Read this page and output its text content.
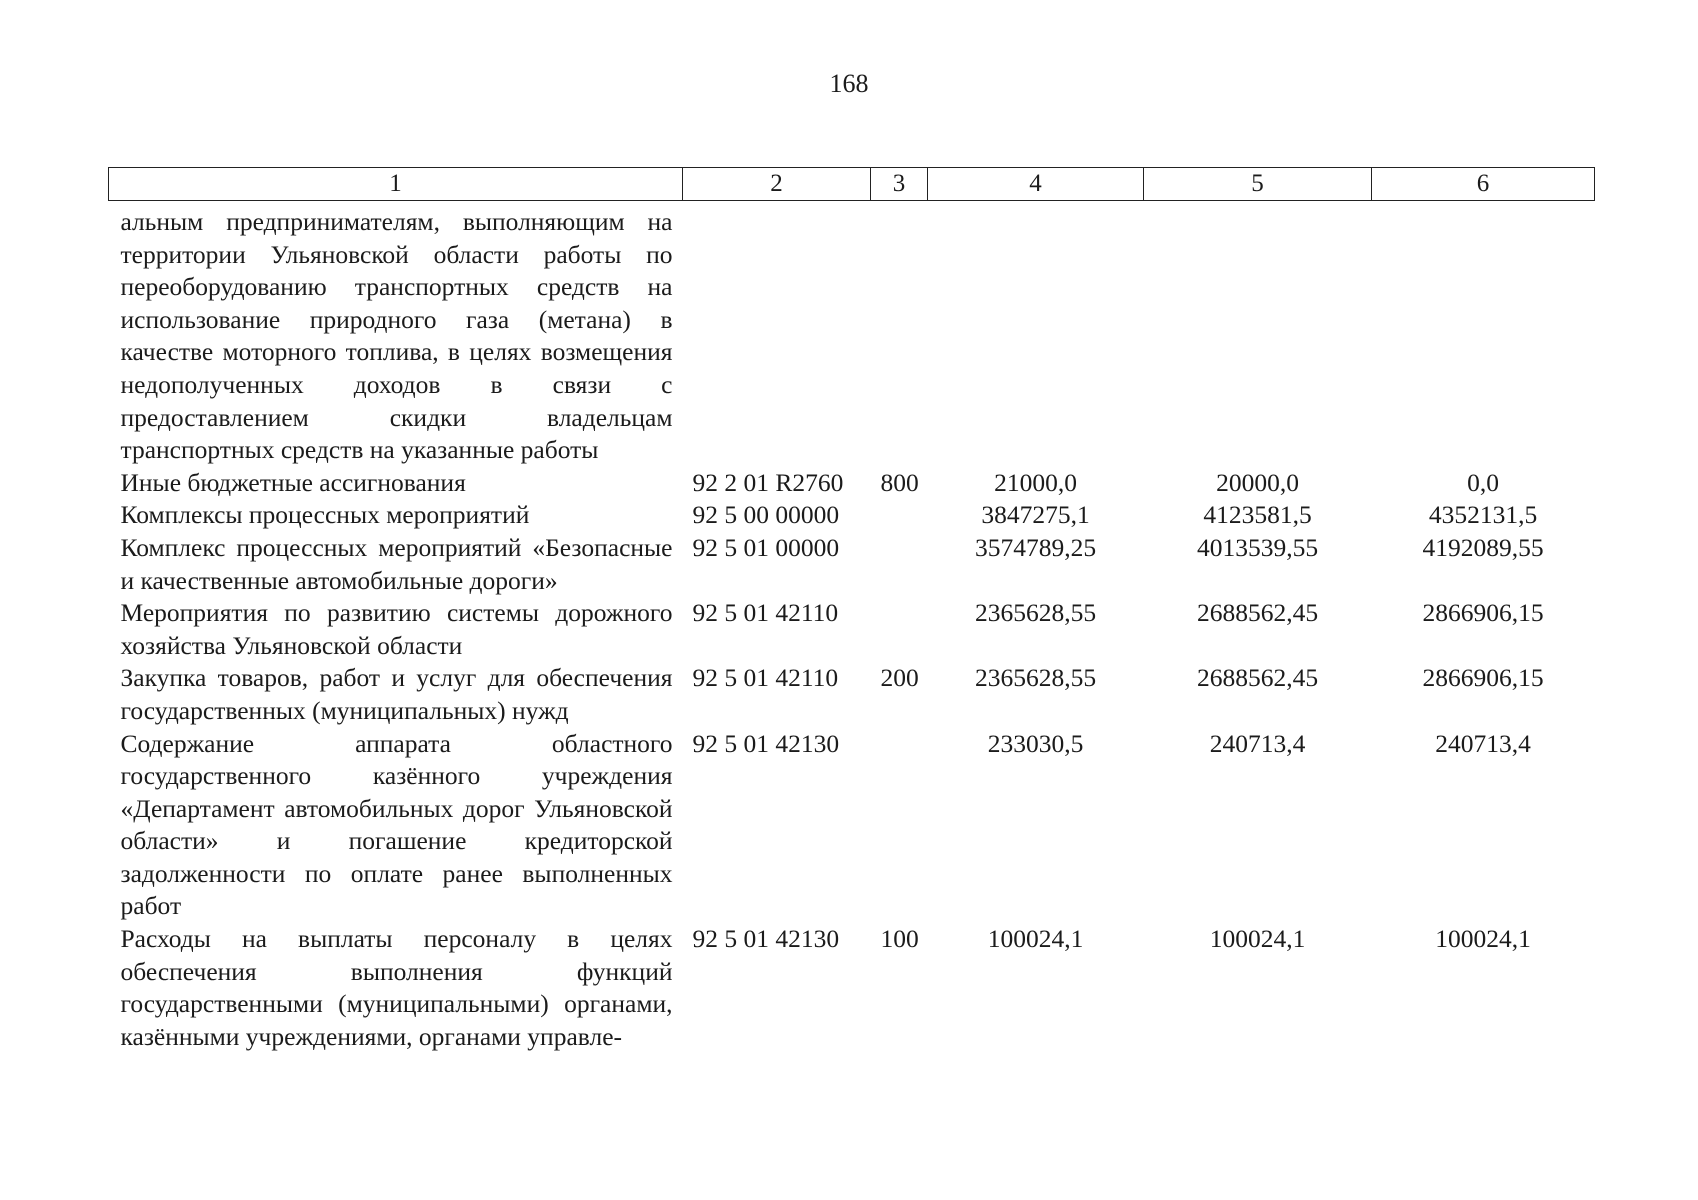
168
1	2	3	4	5	6
альным предпринимателям, выполняющим на территории Ульяновской области работы по переоборудованию транспортных средств на использование природного газа (метана) в качестве моторного топлива, в целях возмещения недополученных доходов в связи с предоставлением скидки владельцам транспортных средств на указанные работы					
Иные бюджетные ассигнования	92 2 01 R2760	800	21000,0	20000,0	0,0
Комплексы процессных мероприятий	92 5 00 00000		3847275,1	4123581,5	4352131,5
Комплекс процессных мероприятий «Безопасные и качественные автомобильные дороги»	92 5 01 00000		3574789,25	4013539,55	4192089,55
Мероприятия по развитию системы дорожного хозяйства Ульяновской области	92 5 01 42110		2365628,55	2688562,45	2866906,15
Закупка товаров, работ и услуг для обеспечения государственных (муниципальных) нужд	92 5 01 42110	200	2365628,55	2688562,45	2866906,15
Содержание аппарата областного государственного казённого учреждения «Департамент автомобильных дорог Ульяновской области» и погашение кредиторской задолженности по оплате ранее выполненных работ	92 5 01 42130		233030,5	240713,4	240713,4
Расходы на выплаты персоналу в целях обеспечения выполнения функций государственными (муниципальными) органами, казёнными учреждениями, органами управле-	92 5 01 42130	100	100024,1	100024,1	100024,1
